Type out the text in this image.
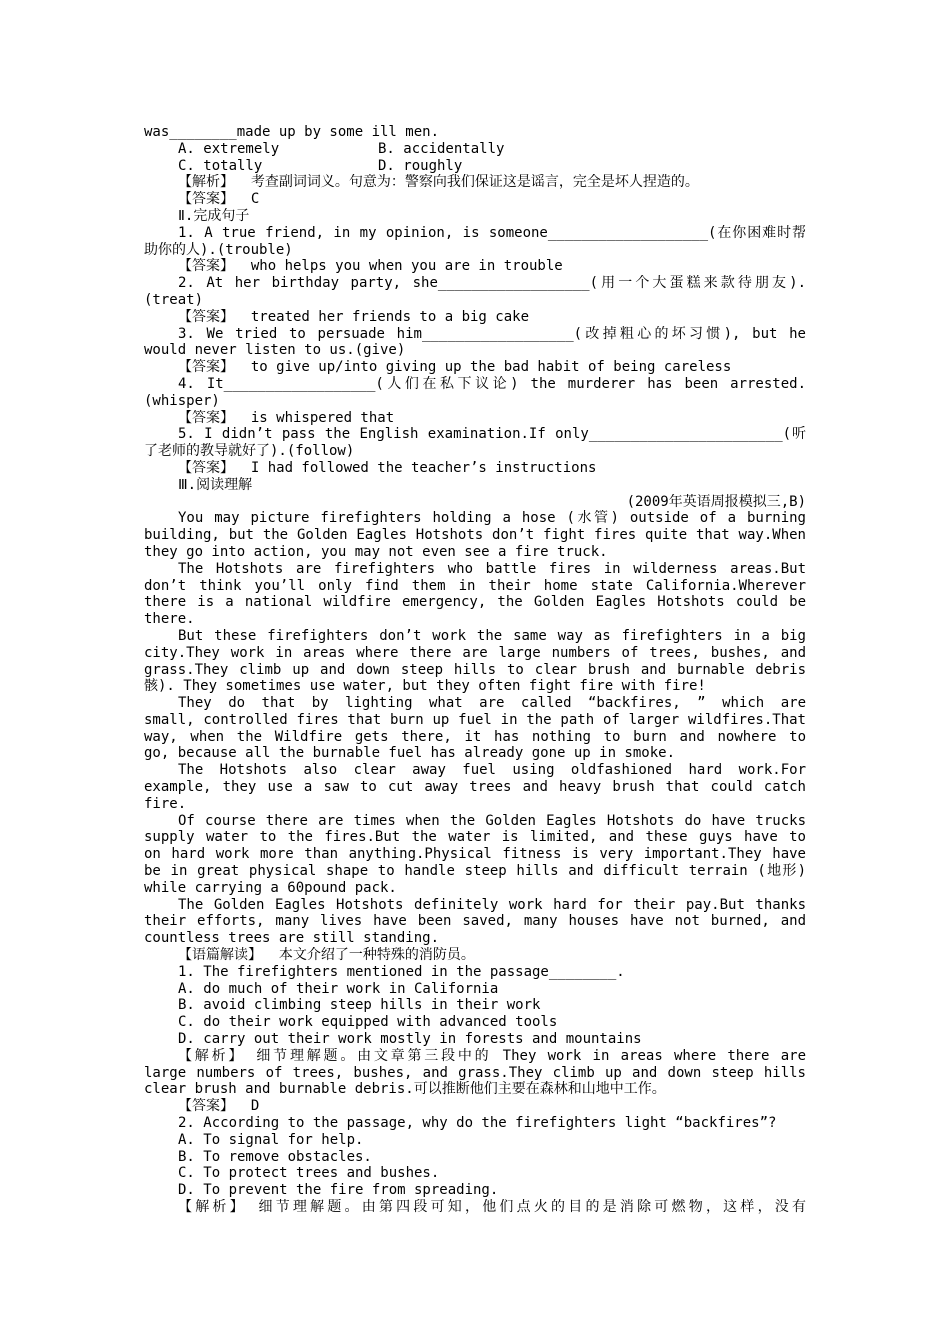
was________made up by some ill men.
A. extremely	B. accidentally
C. totally	D. roughly
【解析】  考查副词词义。句意为：警察向我们保证这是谣言，完全是坏人捏造的。
【答案】  C
Ⅱ.完成句子
1. A true friend, in my opinion, is someone___________________(在你困难时帮
助你的人).(trouble)
【答案】  who helps you when you are in trouble
2. At her birthday party, she__________________(用一个大蛋糕来款待朋友).
(treat)
【答案】  treated her friends to a big cake
3. We tried to persuade him__________________(改掉粗心的坏习惯), but he
would never listen to us.(give)
【答案】  to give up/into giving up the bad habit of being careless
4. It__________________(人们在私下议论) the murderer has been arrested.
(whisper)
【答案】  is whispered that
5. I didn’t pass the English examination.If only_______________________(听
了老师的教导就好了).(follow)
【答案】  I had followed the teacher’s instructions
Ⅲ.阅读理解
(2009年英语周报模拟三,B)
You may picture firefighters holding a hose (水管) outside of a burning
building, but the Golden Eagles Hotshots don’t fight fires quite that way.When
they go into action, you may not even see a fire truck.
The Hotshots are firefighters who battle fires in wilderness areas.But
don’t think you’ll only find them in their home state California.Wherever
there is a national wildfire emergency, the Golden Eagles Hotshots could be
there.
But these firefighters don’t work the same way as firefighters in a big
city.They work in areas where there are large numbers of trees, bushes, and
grass.They climb up and down steep hills to clear brush and burnable debris
骸). They sometimes use water, but they often fight fire with fire!
They do that by lighting what are called “backfires, ” which are
small, controlled fires that burn up fuel in the path of larger wildfires.That
way, when the Wildfire gets there, it has nothing to burn and nowhere to
go, because all the burnable fuel has already gone up in smoke.
The Hotshots also clear away fuel using oldfashioned hard work.For
example, they use a saw to cut away trees and heavy brush that could catch
fire.
Of course there are times when the Golden Eagles Hotshots do have trucks
supply water to the fires.But the water is limited, and these guys have to
on hard work more than anything.Physical fitness is very important.They have
be in great physical shape to handle steep hills and difficult terrain (地形)
while carrying a 60pound pack.
The Golden Eagles Hotshots definitely work hard for their pay.But thanks
their efforts, many lives have been saved, many houses have not burned, and
countless trees are still standing.
【语篇解读】  本文介绍了一种特殊的消防员。
1. The firefighters mentioned in the passage________.
A. do much of their work in California
B. avoid climbing steep hills in their work
C. do their work equipped with advanced tools
D. carry out their work mostly in forests and mountains
【解析】 细节理解题。由文章第三段中的 They work in areas where there are
large numbers of trees, bushes, and grass.They climb up and down steep hills
clear brush and burnable debris.可以推断他们主要在森林和山地中工作。
【答案】  D
2. According to the passage, why do the firefighters light “backfires”?
A. To signal for help.
B. To remove obstacles.
C. To protect trees and bushes.
D. To prevent the fire from spreading.
【解析】 细节理解题。由第四段可知，他们点火的目的是消除可燃物，这样，没有
